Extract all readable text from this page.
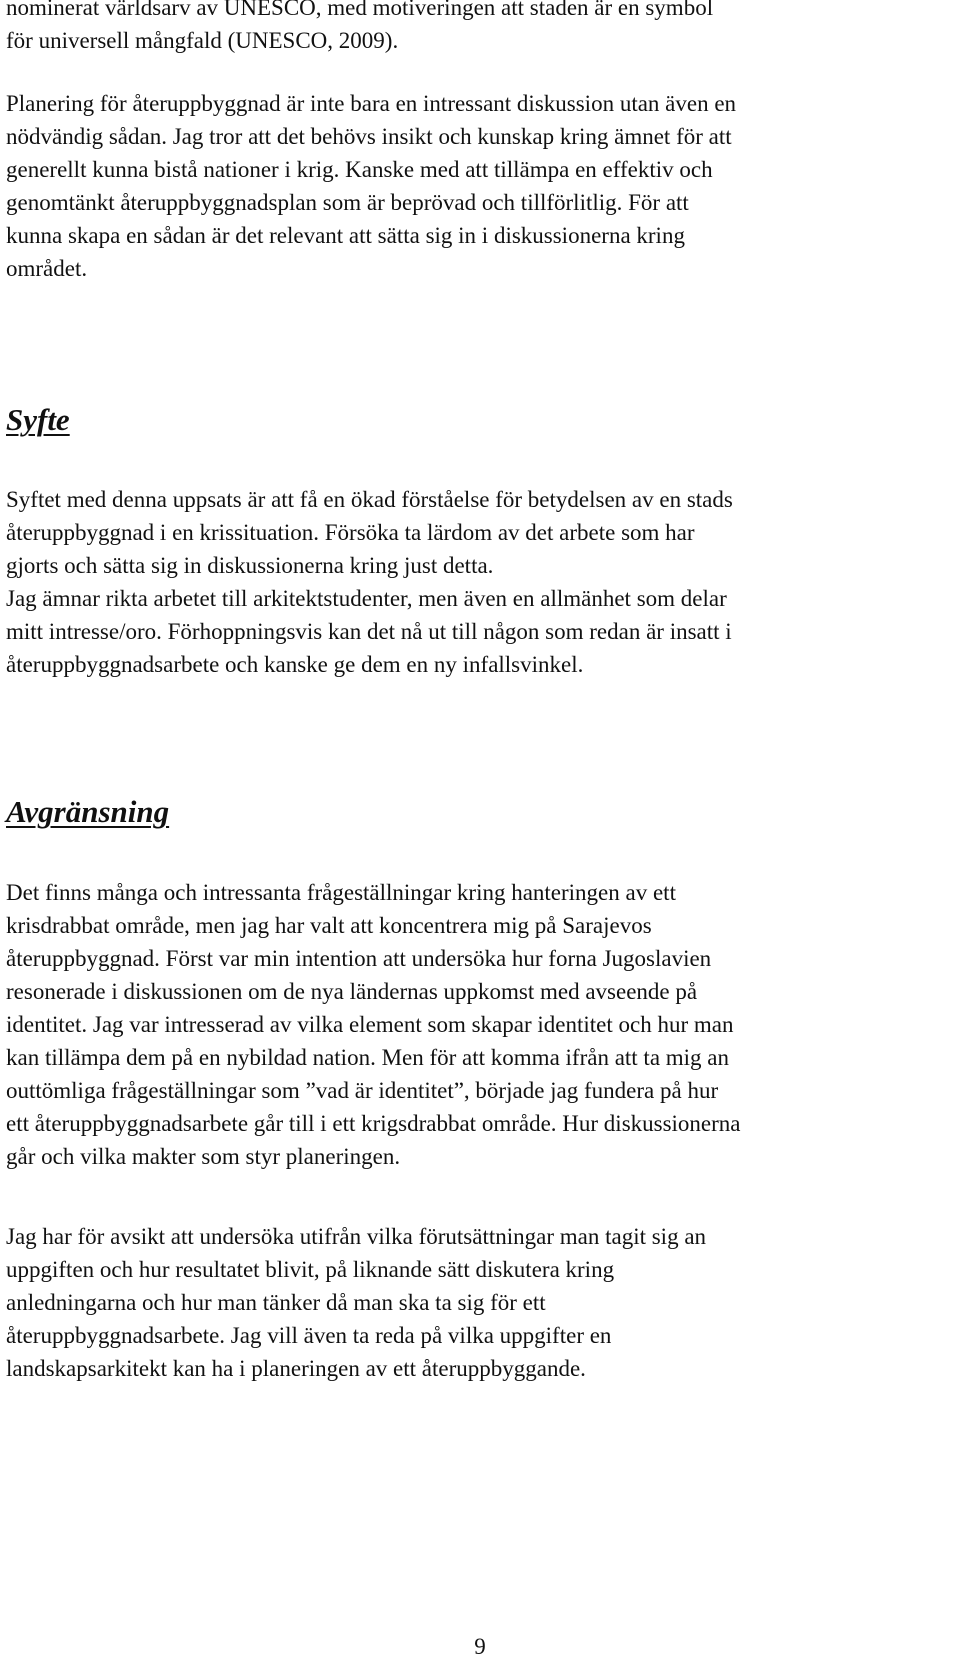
nominerat världsarv av UNESCO, med motiveringen att staden är en symbol
för universell mångfald (UNESCO, 2009).
Planering för återuppbyggnad är inte bara en intressant diskussion utan även en
nödvändig sådan. Jag tror att det behövs insikt och kunskap kring ämnet för att
generellt kunna bistå nationer i krig. Kanske med att tillämpa en effektiv och
genomtänkt återuppbyggnadsplan som är beprövad och tillförlitlig. För att
kunna skapa en sådan är det relevant att sätta sig in i diskussionerna kring
området.
Syfte
Syftet med denna uppsats är att få en ökad förståelse för betydelsen av en stads
återuppbyggnad i en krissituation. Försöka ta lärdom av det arbete som har
gjorts och sätta sig in diskussionerna kring just detta.
Jag ämnar rikta arbetet till arkitektstudenter, men även en allmänhet som delar
mitt intresse/oro. Förhoppningsvis kan det nå ut till någon som redan är insatt i
återuppbyggnadsarbete och kanske ge dem en ny infallsvinkel.
Avgränsning
Det finns många och intressanta frågeställningar kring hanteringen av ett
krisdrabbat område, men jag har valt att koncentrera mig på Sarajevos
återuppbyggnad. Först var min intention att undersöka hur forna Jugoslavien
resonerade i diskussionen om de nya ländernas uppkomst med avseende på
identitet. Jag var intresserad av vilka element som skapar identitet och hur man
kan tillämpa dem på en nybildad nation. Men för att komma ifrån att ta mig an
outtömliga frågeställningar som ”vad är identitet”, började jag fundera på hur
ett återuppbyggnadsarbete går till i ett krigsdrabbat område. Hur diskussionerna
går och vilka makter som styr planeringen.
Jag har för avsikt att undersöka utifrån vilka förutsättningar man tagit sig an
uppgiften och hur resultatet blivit, på liknande sätt diskutera kring
anledningarna och hur man tänker då man ska ta sig för ett
återuppbyggnadsarbete. Jag vill även ta reda på vilka uppgifter en
landskapsarkitekt kan ha i planeringen av ett återuppbyggande.
9
